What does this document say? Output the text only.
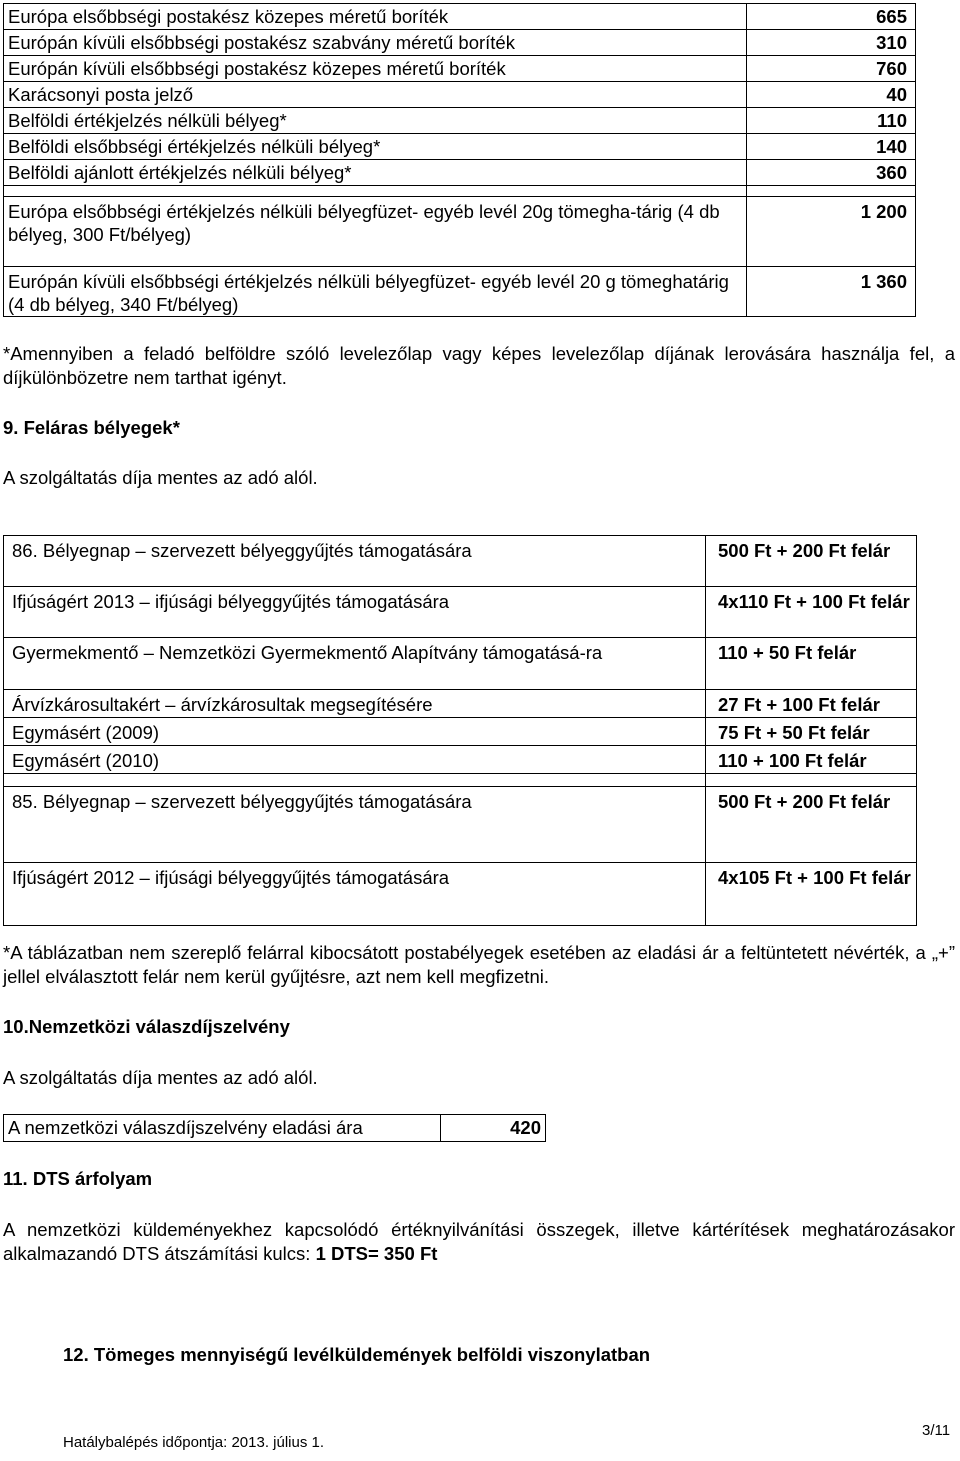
Európa elsőbbségi postakész közepes méretű boríték	665
Európán kívüli elsőbbségi postakész szabvány méretű boríték	310
Európán kívüli elsőbbségi postakész közepes méretű boríték	760
Karácsonyi posta jelző	40
Belföldi értékjelzés nélküli bélyeg*	110
Belföldi elsőbbségi értékjelzés nélküli bélyeg*	140
Belföldi ajánlott értékjelzés nélküli bélyeg*	360

Európa elsőbbségi értékjelzés nélküli bélyegfüzet- egyéb levél 20g tömegha-tárig (4 db bélyeg, 300 Ft/bélyeg)	1 200
Európán kívüli elsőbbségi értékjelzés nélküli bélyegfüzet- egyéb levél 20 g tömeghatárig (4 db bélyeg, 340 Ft/bélyeg)	1 360
*Amennyiben a feladó belföldre szóló levelezőlap vagy képes levelezőlap díjának lerovására használja fel, a díjkülönbözetre nem tarthat igényt.
9. Feláras bélyegek*
A szolgáltatás díja mentes az adó alól.
86. Bélyegnap – szervezett bélyeggyűjtés támogatására	500 Ft + 200 Ft felár
Ifjúságért 2013 – ifjúsági bélyeggyűjtés támogatására	4x110 Ft + 100 Ft felár
Gyermekmentő – Nemzetközi Gyermekmentő Alapítvány támogatásá-ra	110 + 50 Ft felár
Árvízkárosultakért – árvízkárosultak megsegítésére	27 Ft + 100 Ft felár
Egymásért (2009)	75 Ft + 50 Ft felár
Egymásért (2010)	110 + 100 Ft felár

85. Bélyegnap – szervezett bélyeggyűjtés támogatására	500 Ft + 200 Ft felár
Ifjúságért 2012 – ifjúsági bélyeggyűjtés támogatására	4x105 Ft + 100 Ft felár
*A táblázatban nem szereplő felárral kibocsátott postabélyegek esetében az eladási ár a feltüntetett névérték, a „+” jellel elválasztott felár nem kerül gyűjtésre, azt nem kell megfizetni.
10.Nemzetközi válaszdíjszelvény
A szolgáltatás díja mentes az adó alól.
A nemzetközi válaszdíjszelvény eladási ára	420
11. DTS árfolyam
A nemzetközi küldeményekhez kapcsolódó értéknyilvánítási összegek, illetve kártérítések meghatározásakor alkalmazandó DTS átszámítási kulcs: 1 DTS= 350 Ft
12. Tömeges mennyiségű levélküldemények belföldi viszonylatban
Hatálybalépés időpontja: 2013. július 1.
3/11
